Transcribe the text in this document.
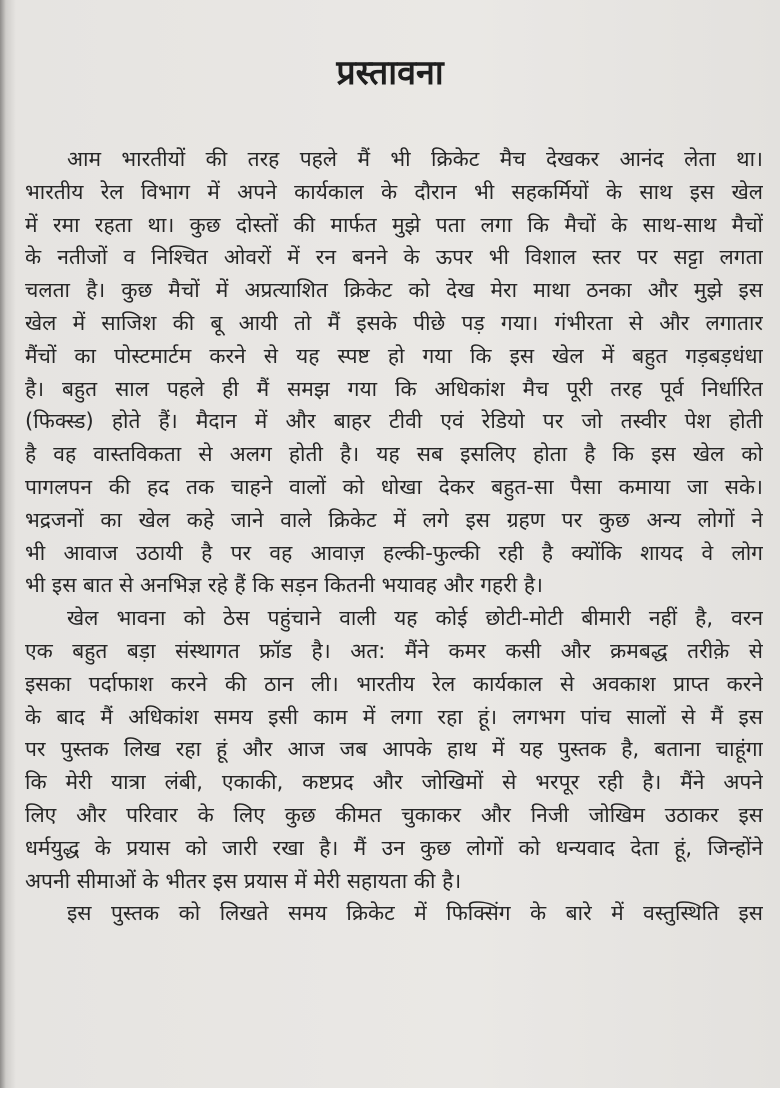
प्रस्तावना
आम भारतीयों की तरह पहले मैं भी क्रिकेट मैच देखकर आनंद लेता था।
भारतीय रेल विभाग में अपने कार्यकाल के दौरान भी सहकर्मियों के साथ इस खेल
में रमा रहता था। कुछ दोस्तों की मार्फत मुझे पता लगा कि मैचों के साथ-साथ मैचों
के नतीजों व निश्चित ओवरों में रन बनने के ऊपर भी विशाल स्तर पर सट्टा लगता
चलता है। कुछ मैचों में अप्रत्याशित क्रिकेट को देख मेरा माथा ठनका और मुझे इस
खेल में साजिश की बू आयी तो मैं इसके पीछे पड़ गया। गंभीरता से और लगातार
मैंचों का पोस्टमार्टम करने से यह स्पष्ट हो गया कि इस खेल में बहुत गड़बड़धंधा
है। बहुत साल पहले ही मैं समझ गया कि अधिकांश मैच पूरी तरह पूर्व निर्धारित
(फिक्स्ड) होते हैं। मैदान में और बाहर टीवी एवं रेडियो पर जो तस्वीर पेश होती
है वह वास्तविकता से अलग होती है। यह सब इसलिए होता है कि इस खेल को
पागलपन की हद तक चाहने वालों को धोखा देकर बहुत-सा पैसा कमाया जा सके।
भद्रजनों का खेल कहे जाने वाले क्रिकेट में लगे इस ग्रहण पर कुछ अन्य लोगों ने
भी आवाज उठायी है पर वह आवाज़ हल्की-फुल्की रही है क्योंकि शायद वे लोग
भी इस बात से अनभिज्ञ रहे हैं कि सड़न कितनी भयावह और गहरी है।
खेल भावना को ठेस पहुंचाने वाली यह कोई छोटी-मोटी बीमारी नहीं है, वरन
एक बहुत बड़ा संस्थागत फ्रॉड है। अत: मैंने कमर कसी और क्रमबद्ध तरीक़े से
इसका पर्दाफाश करने की ठान ली। भारतीय रेल कार्यकाल से अवकाश प्राप्त करने
के बाद मैं अधिकांश समय इसी काम में लगा रहा हूं। लगभग पांच सालों से मैं इस
पर पुस्तक लिख रहा हूं और आज जब आपके हाथ में यह पुस्तक है, बताना चाहूंगा
कि मेरी यात्रा लंबी, एकाकी, कष्टप्रद और जोखिमों से भरपूर रही है। मैंने अपने
लिए और परिवार के लिए कुछ कीमत चुकाकर और निजी जोखिम उठाकर इस
धर्मयुद्ध के प्रयास को जारी रखा है। मैं उन कुछ लोगों को धन्यवाद देता हूं, जिन्होंने
अपनी सीमाओं के भीतर इस प्रयास में मेरी सहायता की है।
इस पुस्तक को लिखते समय क्रिकेट में फिक्सिंग के बारे में वस्तुस्थिति इस
